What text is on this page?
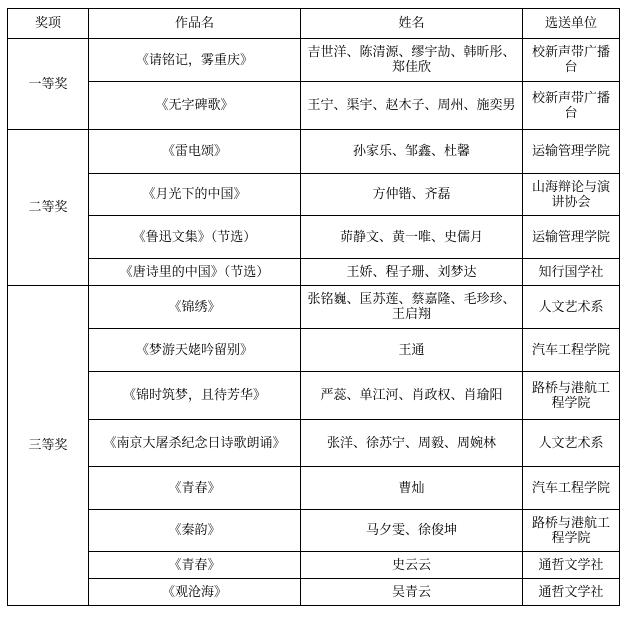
奖项	作品名	姓名	选送单位
一等奖	《请铭记，雾重庆》	吉世洋、陈清源、缪宇劼、韩昕彤、郑佳欣	校新声带广播台
	《无字碑歌》	王宁、渠宇、赵木子、周州、施奕男	校新声带广播台
二等奖	《雷电颂》	孙家乐、邹鑫、杜馨	运输管理学院
	《月光下的中国》	方仲锴、齐磊	山海辩论与演讲协会
	《鲁迅文集》（节选）	茆静文、黄一唯、史儒月	运输管理学院
	《唐诗里的中国》（节选）	王娇、程子珊、刘梦达	知行国学社
三等奖	《锦绣》	张铭巍、匡苏莲、蔡嘉隆、毛珍珍、王启翔	人文艺术系
	《梦游天姥吟留别》	王通	汽车工程学院
	《锦时筑梦，且待芳华》	严蕊、单江河、肖政权、肖瑜阳	路桥与港航工程学院
	《南京大屠杀纪念日诗歌朗诵》	张洋、徐苏宁、周毅、周婉林	人文艺术系
	《青春》	曹灿	汽车工程学院
	《秦韵》	马夕雯、徐俊坤	路桥与港航工程学院
	《青春》	史云云	通哲文学社
	《观沧海》	吴青云	通哲文学社
